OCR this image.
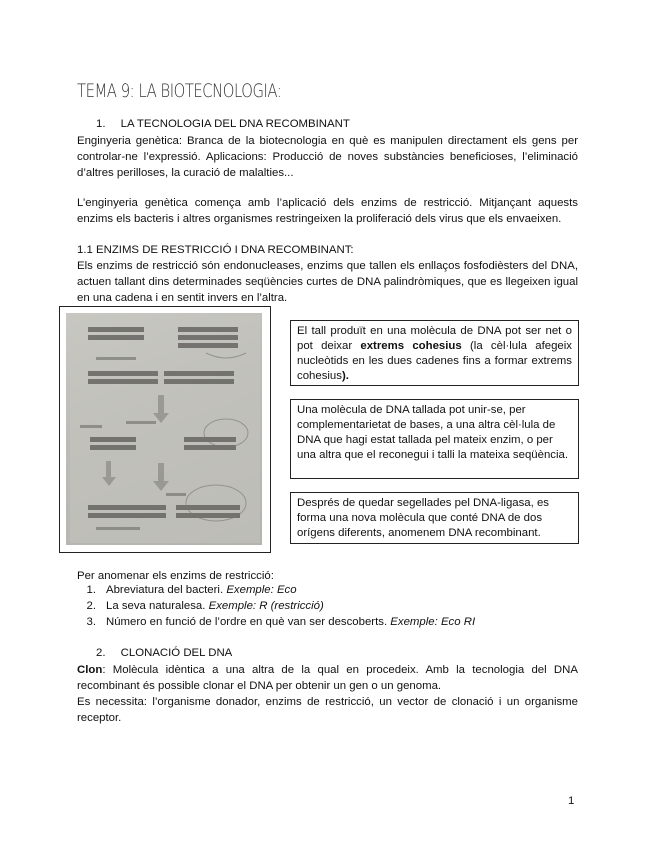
TEMA 9: LA BIOTECNOLOGIA:
1. LA TECNOLOGIA DEL DNA RECOMBINANT
Enginyeria genètica: Branca de la biotecnologia en què es manipulen directament els gens per controlar-ne l’expressió. Aplicacions: Producció de noves substàncies beneficioses, l’eliminació d’altres perilloses, la curació de malalties...
L’enginyeria genètica comença amb l’aplicació dels enzims de restricció. Mitjançant aquests enzims els bacteris i altres organismes restringeixen la proliferació dels virus que els envaeixen.
1.1 ENZIMS DE RESTRICCIÓ I DNA RECOMBINANT:
Els enzims de restricció són endonucleases, enzims que tallen els enllaços fosfodièsters del DNA, actuen tallant dins determinades seqüències curtes de DNA palindròmiques, que es llegeixen igual en una cadena i en sentit invers en l’altra.
El tall produït en una molècula de DNA pot ser net o pot deixar extrems cohesius (la cèl·lula afegeix nucleòtids en les dues cadenes fins a formar extrems cohesius).
Una molècula de DNA tallada pot unir-se, per complementarietat de bases, a una altra cèl·lula de DNA que hagi estat tallada pel mateix enzim, o per una altra que el reconegui i talli la mateixa seqüència.
Després de quedar segellades pel DNA-ligasa, es forma una nova molècula que conté DNA de dos orígens diferents, anomenem DNA recombinant.
Per anomenar els enzims de restricció:
1. Abreviatura del bacteri. Exemple: Eco
2. La seva naturalesa. Exemple: R (restricció)
3. Número en funció de l’ordre en què van ser descoberts. Exemple: Eco RI
2. CLONACIÓ DEL DNA
Clon: Molècula idèntica a una altra de la qual en procedeix. Amb la tecnologia del DNA recombinant és possible clonar el DNA per obtenir un gen o un genoma.
Es necessita: l’organisme donador, enzims de restricció, un vector de clonació i un organisme receptor.
1
